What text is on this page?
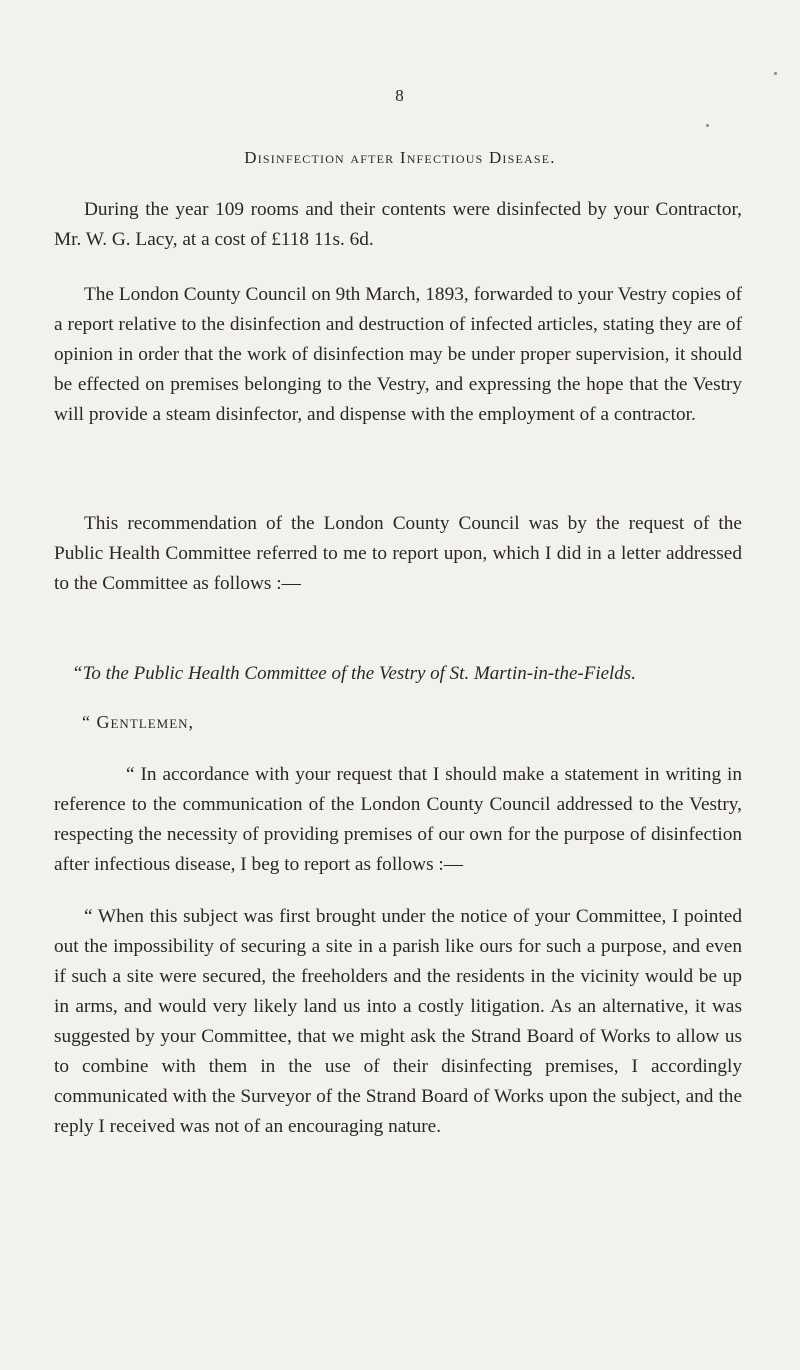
8
Disinfection after Infectious Disease.

During the year 109 rooms and their contents were disinfected by your Contractor, Mr. W. G. Lacy, at a cost of £118 11s. 6d.

The London County Council on 9th March, 1893, forwarded to your Vestry copies of a report relative to the disinfection and destruction of infected articles, stating they are of opinion in order that the work of disinfection may be under proper supervision, it should be effected on premises belonging to the Vestry, and expressing the hope that the Vestry will provide a steam disinfector, and dispense with the employment of a contractor.

This recommendation of the London County Council was by the request of the Public Health Committee referred to me to report upon, which I did in a letter addressed to the Committee as follows :—

“To the Public Health Committee of the Vestry of St. Martin-in-the-Fields.

“ Gentlemen,

“ In accordance with your request that I should make a statement in writing in reference to the communication of the London County Council addressed to the Vestry, respecting the necessity of providing premises of our own for the purpose of disinfection after infectious disease, I beg to report as follows :—

“ When this subject was first brought under the notice of your Committee, I pointed out the impossibility of securing a site in a parish like ours for such a purpose, and even if such a site were secured, the freeholders and the residents in the vicinity would be up in arms, and would very likely land us into a costly litigation. As an alternative, it was suggested by your Committee, that we might ask the Strand Board of Works to allow us to combine with them in the use of their disinfecting premises, I accordingly communicated with the Surveyor of the Strand Board of Works upon the subject, and the reply I received was not of an encouraging nature.
